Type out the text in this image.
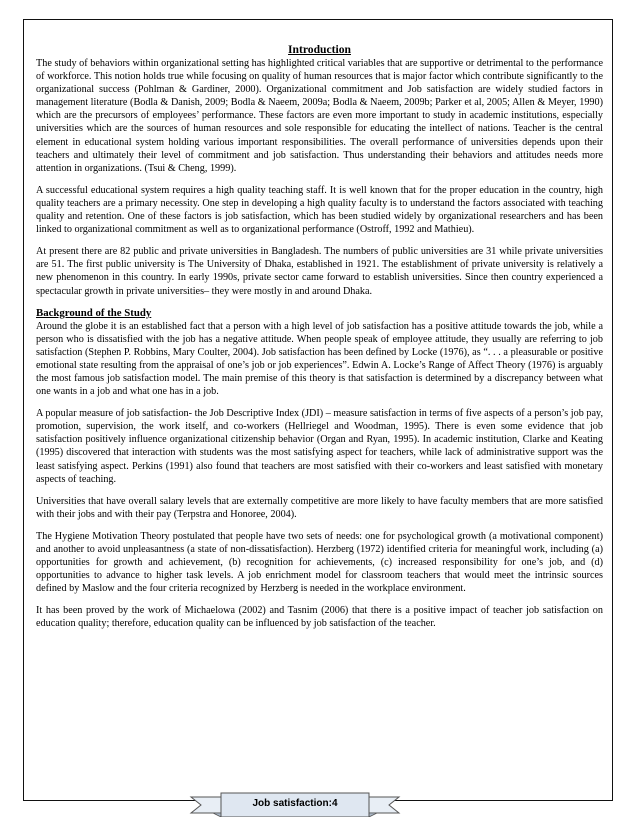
Introduction

The study of behaviors within organizational setting has highlighted critical variables that are supportive or detrimental to the performance of workforce. This notion holds true while focusing on quality of human resources that is major factor which contribute significantly to the organizational success (Pohlman & Gardiner, 2000). Organizational commitment and Job satisfaction are widely studied factors in management literature (Bodla & Danish, 2009; Bodla & Naeem, 2009a; Bodla & Naeem, 2009b; Parker et al, 2005; Allen & Meyer, 1990) which are the precursors of employees’ performance. These factors are even more important to study in academic institutions, especially universities which are the sources of human resources and sole responsible for educating the intellect of nations. Teacher is the central element in educational system holding various important responsibilities. The overall performance of universities depends upon their teachers and ultimately their level of commitment and job satisfaction. Thus understanding their behaviors and attitudes needs more attention in organizations. (Tsui & Cheng, 1999).

A successful educational system requires a high quality teaching staff. It is well known that for the proper education in the country, high quality teachers are a primary necessity. One step in developing a high quality faculty is to understand the factors associated with teaching quality and retention. One of these factors is job satisfaction, which has been studied widely by organizational researchers and has been linked to organizational commitment as well as to organizational performance (Ostroff, 1992 and Mathieu).

At present there are 82 public and private universities in Bangladesh. The numbers of public universities are 31 while private universities are 51. The first public university is The University of Dhaka, established in 1921. The establishment of private university is relatively a new phenomenon in this country. In early 1990s, private sector came forward to establish universities. Since then country experienced a spectacular growth in private universities– they were mostly in and around Dhaka.

Background of the Study

Around the globe it is an established fact that a person with a high level of job satisfaction has a positive attitude towards the job, while a person who is dissatisfied with the job has a negative attitude. When people speak of employee attitude, they usually are referring to job satisfaction (Stephen P. Robbins, Mary Coulter, 2004). Job satisfaction has been defined by Locke (1976), as “. . . a pleasurable or positive emotional state resulting from the appraisal of one’s job or job experiences”. Edwin A. Locke’s Range of Affect Theory (1976) is arguably the most famous job satisfaction model. The main premise of this theory is that satisfaction is determined by a discrepancy between what one wants in a job and what one has in a job.

A popular measure of job satisfaction- the Job Descriptive Index (JDI) – measure satisfaction in terms of five aspects of a person’s job pay, promotion, supervision, the work itself, and co-workers (Hellriegel and Woodman, 1995). There is even some evidence that job satisfaction positively influence organizational citizenship behavior (Organ and Ryan, 1995). In academic institution, Clarke and Keating (1995) discovered that interaction with students was the most satisfying aspect for teachers, while lack of administrative support was the least satisfying aspect. Perkins (1991) also found that teachers are most satisfied with their co-workers and least satisfied with monetary aspects of teaching.

Universities that have overall salary levels that are externally competitive are more likely to have faculty members that are more satisfied with their jobs and with their pay (Terpstra and Honoree, 2004).

The Hygiene Motivation Theory postulated that people have two sets of needs: one for psychological growth (a motivational component) and another to avoid unpleasantness (a state of non-dissatisfaction). Herzberg (1972) identified criteria for meaningful work, including (a) opportunities for growth and achievement, (b) recognition for achievements, (c) increased responsibility for one’s job, and (d) opportunities to advance to higher task levels. A job enrichment model for classroom teachers that would meet the intrinsic sources defined by Maslow and the four criteria recognized by Herzberg is needed in the workplace environment.

It has been proved by the work of Michaelowa (2002) and Tasnim (2006) that there is a positive impact of teacher job satisfaction on education quality; therefore, education quality can be influenced by job satisfaction of the teacher.

Job satisfaction:4
